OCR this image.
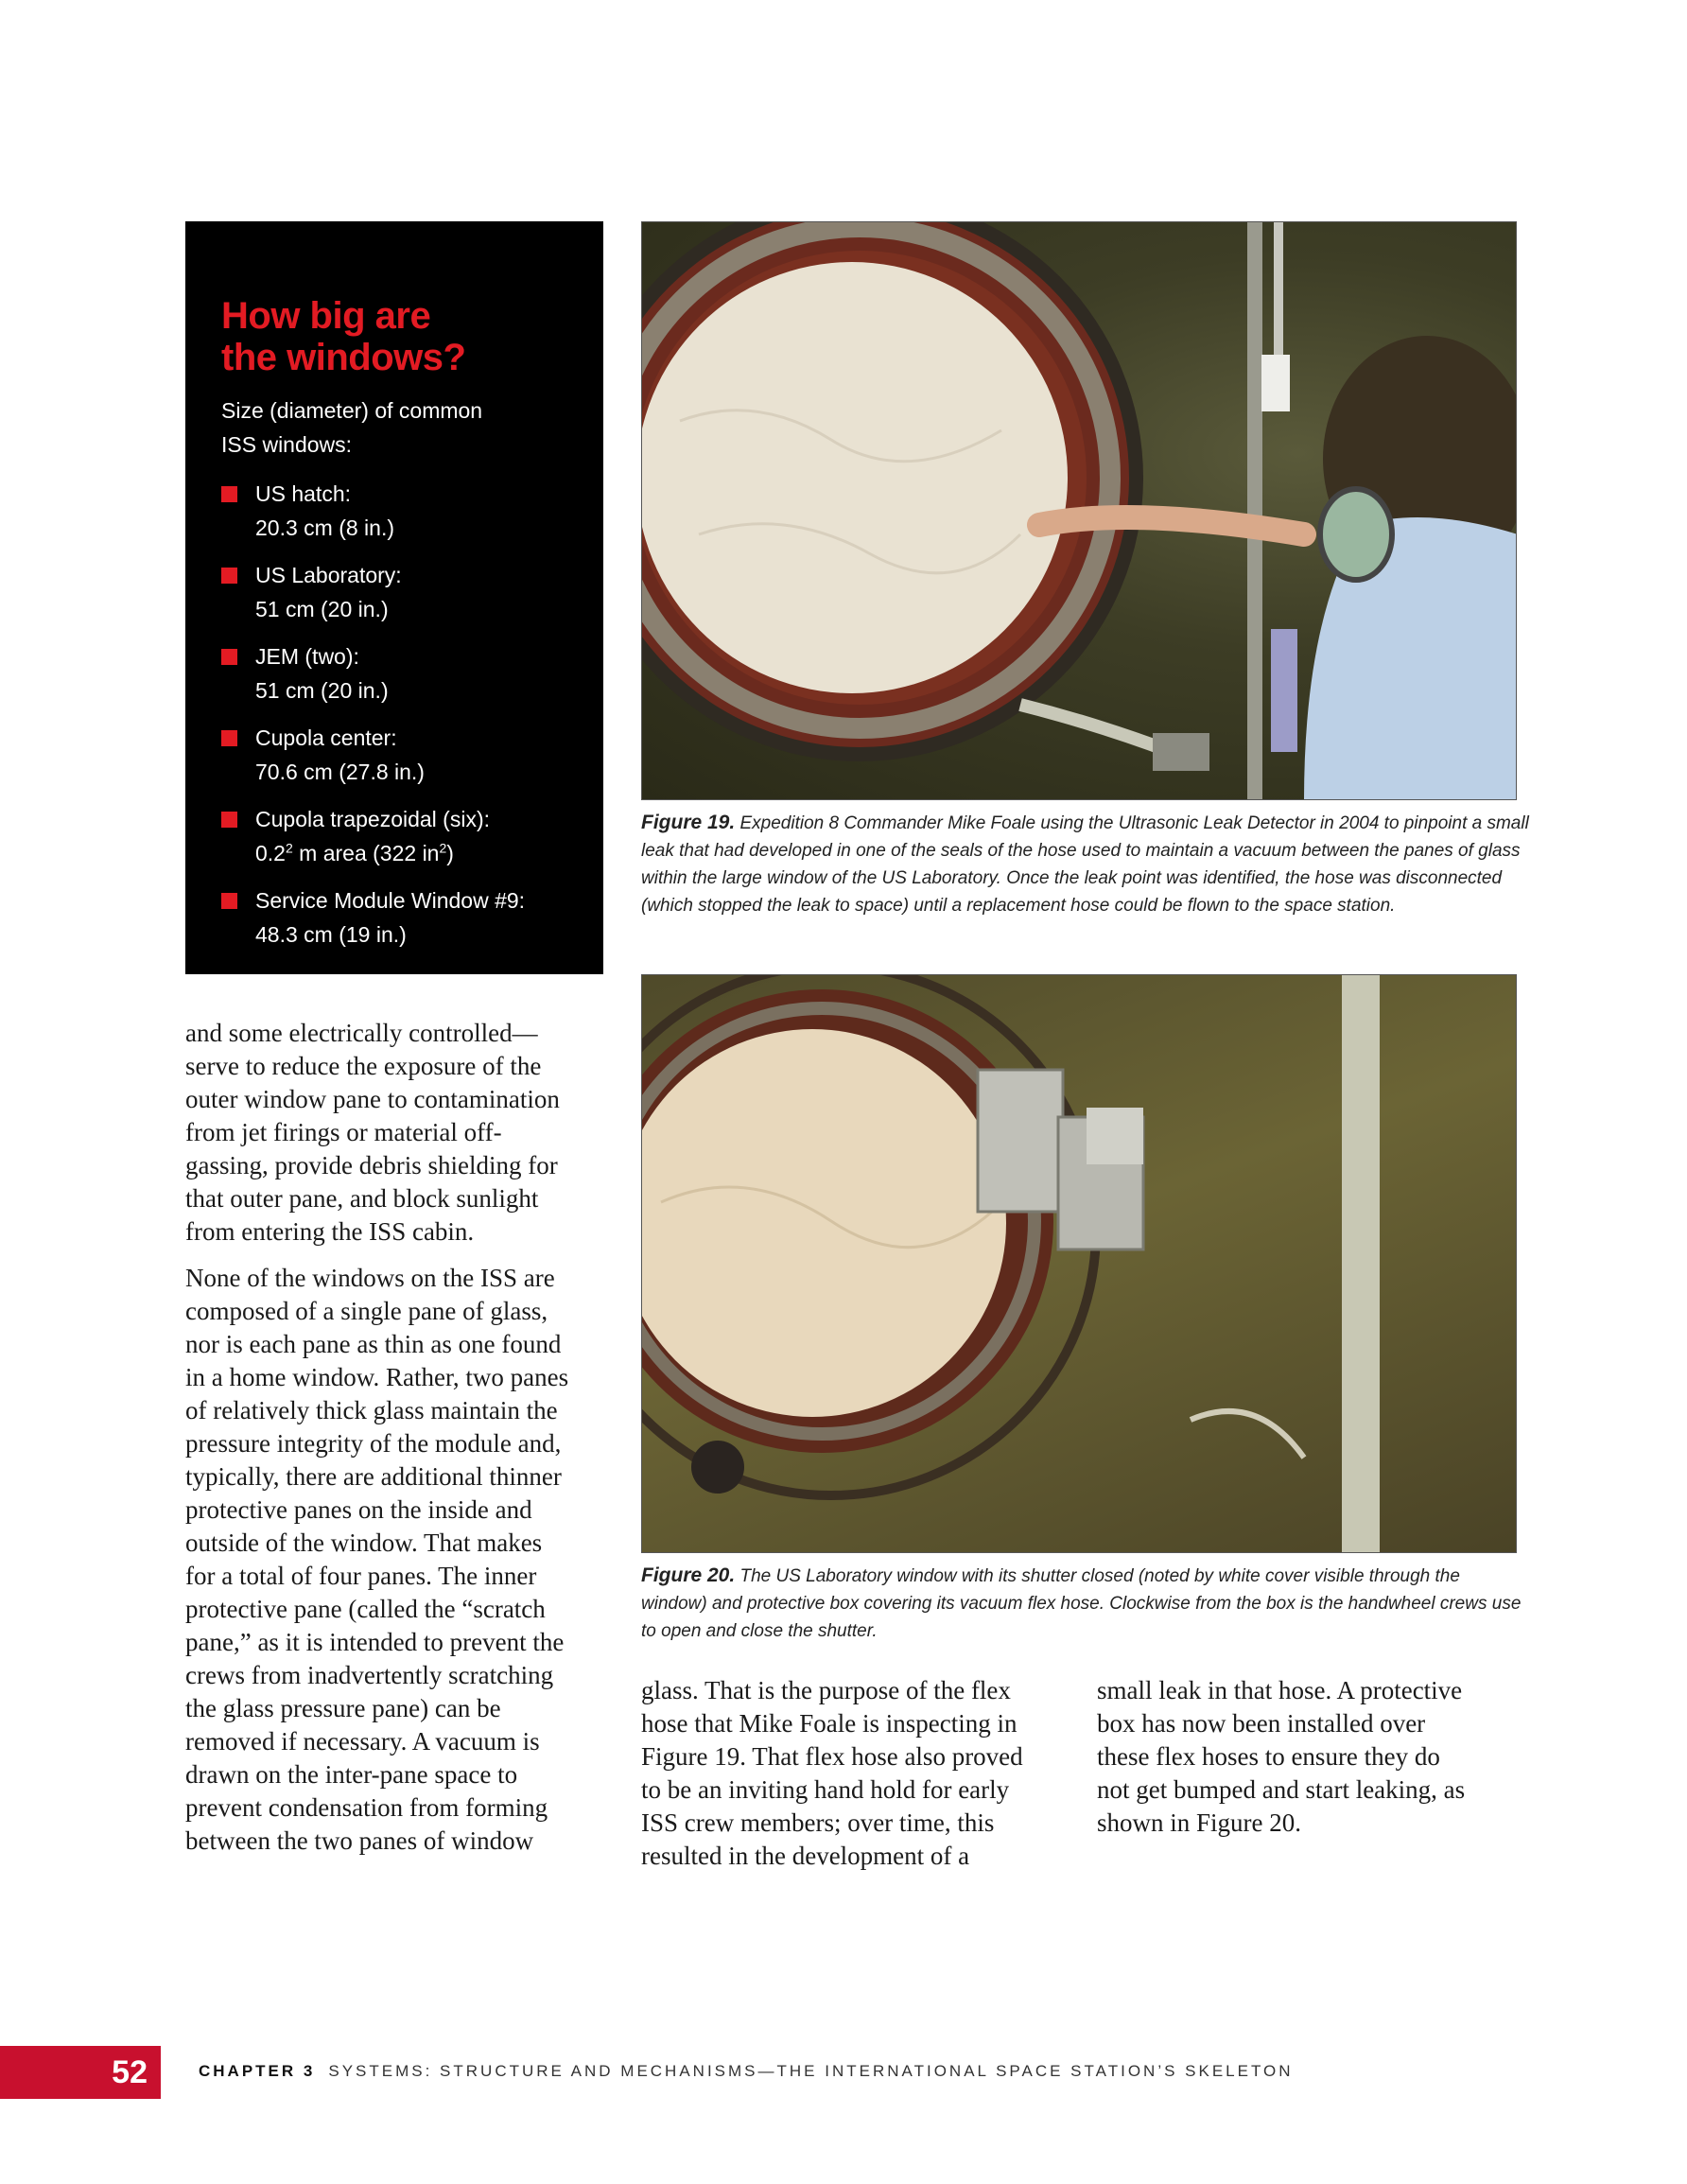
How big are
the windows?
Size (diameter) of common
ISS windows:
US hatch:
20.3 cm (8 in.)
US Laboratory:
51 cm (20 in.)
JEM (two):
51 cm (20 in.)
Cupola center:
70.6 cm (27.8 in.)
Cupola trapezoidal (six):
$0.2^2$ m area (322 $in^2$)
Service Module Window #9:
48.3 cm (19 in.)
Figure 19. Expedition 8 Commander Mike Foale using the Ultrasonic Leak Detector in 2004 to pinpoint a small leak that had developed in one of the seals of the hose used to maintain a vacuum between the panes of glass within the large window of the US Laboratory. Once the leak point was identified, the hose was disconnected (which stopped the leak to space) until a replacement hose could be flown to the space station.
Figure 20. The US Laboratory window with its shutter closed (noted by white cover visible through the window) and protective box covering its vacuum flex hose. Clockwise from the box is the handwheel crews use to open and close the shutter.

and some electrically controlled—
serve to reduce the exposure of the
outer window pane to contamination
from jet firings or material off-
gassing, provide debris shielding for
that outer pane, and block sunlight
from entering the ISS cabin.

None of the windows on the ISS are
composed of a single pane of glass,
nor is each pane as thin as one found
in a home window. Rather, two panes
of relatively thick glass maintain the
pressure integrity of the module and,
typically, there are additional thinner
protective panes on the inside and
outside of the window. That makes
for a total of four panes. The inner
protective pane (called the “scratch
pane,” as it is intended to prevent the
crews from inadvertently scratching
the glass pressure pane) can be
removed if necessary. A vacuum is
drawn on the inter-pane space to
prevent condensation from forming
between the two panes of window

glass. That is the purpose of the flex
hose that Mike Foale is inspecting in
Figure 19. That flex hose also proved
to be an inviting hand hold for early
ISS crew members; over time, this
resulted in the development of a

small leak in that hose. A protective
box has now been installed over
these flex hoses to ensure they do
not get bumped and start leaking, as
shown in Figure 20.

52	CHAPTER 3 SYSTEMS: STRUCTURE AND MECHANISMS—THE INTERNATIONAL SPACE STATION’S SKELETON
